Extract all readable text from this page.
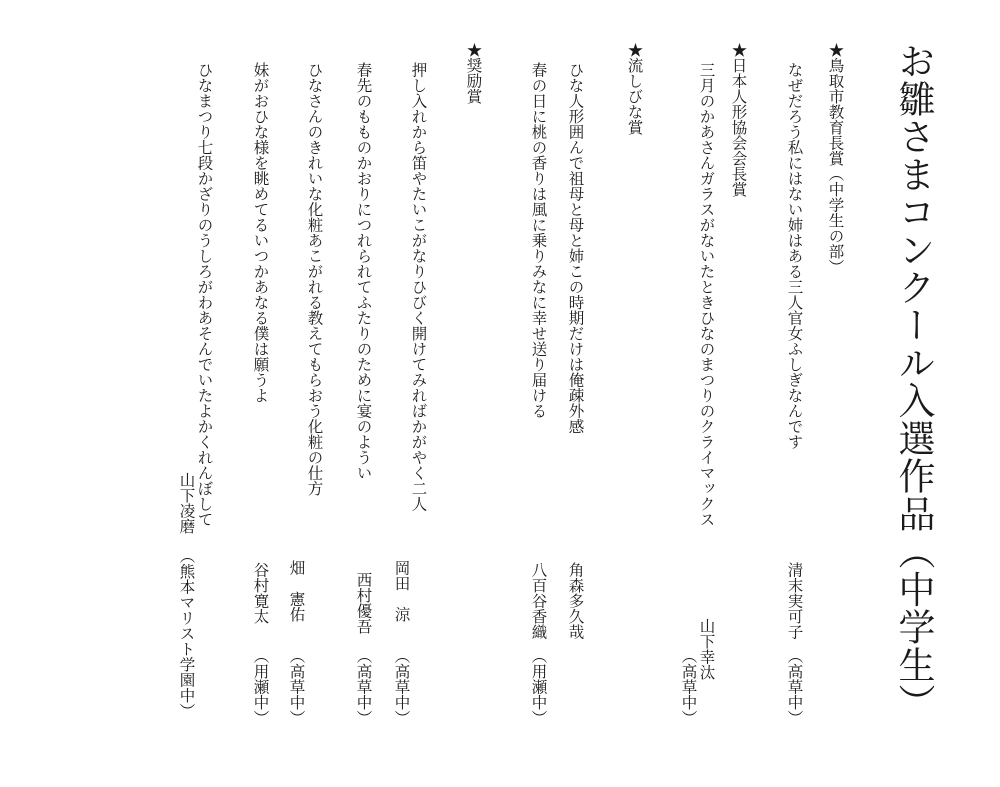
お雛さまコンクール入選作品（中学生）
★鳥取市教育長賞（中学生の部）
なぜだろう私にはない姉はある三人官女ふしぎなんです
清末実可子
（高草中）
★日本人形協会会長賞
三月のかあさんガラスがないたときひなのまつりのクライマックス
山下幸汰
（高草中）
★流しびな賞
ひな人形囲んで祖母と母と姉この時期だけは俺疎外感
角森多久哉
春の日に桃の香りは風に乗りみなに幸せ送り届ける
八百谷香織
（用瀬中）
★奨励賞
押し入れから笛やたいこがなりひびく開けてみればかがやく二人
岡田　涼
（高草中）
春先のもものかおりにつれられてふたりのために宴のようい
西村優吾
（高草中）
ひなさんのきれいな化粧あこがれる教えてもらおう化粧の仕方
畑　憲佑
（高草中）
妹がおひな様を眺めてるいつかあなる僕は願うよ
谷村寛太
（用瀬中）
ひなまつり七段かざりのうしろがわあそんでいたよかくれんぼして
山下凌磨
（熊本マリスト学園中）
